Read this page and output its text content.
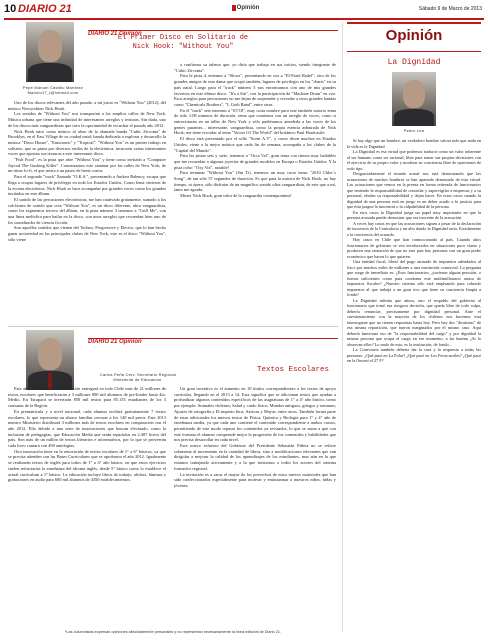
10 DIARIO 21	Opinión	Sábado 9 de Marzo de 2013
DIARIO 21 Opinión
Pepe Manuel Castillo Martínez
Manolo17_l@hotmail.com
El Primer Disco en Solitario de Nick Hook: "Without You"

Uno de los discos relevantes del año pasado, a mi juicio es "Without You" (2012), del músico Newyorkino Nick Hook.

Los sonidos de "Without You" nos transportan a los amplios callos de New York. Música urbana que tiene una infinidad de interesantes arreglos y texturas. Sin duda, uno de los discos más vanguardistas que tuvo la oportunidad de escuchar el pasado año 2012.

Nick Hook nace como músico al alero de la afamada banda "Cubic Zirconia" de Brooklyn, en el East Village de su ciudad natal; banda dedicada a explorar y desarrollo la música "Disco House", "Emotronic" y "Tropical". "Without You" es un primer trabajo en solitario, que se pasea por diversos estilos de la electrónica, incursión varias interesantes voces que aportan sus texturas a este interesante disco.

"Fish Food", es la pista que abre "Without You" y tiene como invitado a "Computer Jaycod The Gushing Killer". Comenzamos este caminar por las calles de New York, de un ritmo lo-fi, el que invita a un paseo de beats cortos.

Para el segundo "track" llamado "O.K.S.", presentando a Andrea Balency, escapa que llega a ocupar lugares de privilegio en todo los Estados Unidos. Como lema vinieron de la escena electrónica, Nick Hook se hace acompañar por grandes voces como los grandes invitados en este álbum.

El sonido de las percusiones electrónicas, me han cautivado gratamente, sumado a los colchones de sonido que crea "Without You", es un disco diferente, ultra vanguardista, como los segmentos tercero del álbum, en la pista número 3 tenemos a "Grill Me", con una linea melódica para bailar en la disco, con unos arreglos que recuerdan bien uno de los soundtracks de ciencia ficción.

Son aquellos sonidos que vienen del Techno, Progressive y Electro, que lo han hecho ganar notoriedad en los principales clubes de New York, este es el disco "Without You", sólo viene

a confirmar su talento que, yo diría que trabaja en sus inicios, siendo integrante de "Cubic Zirconia".

Para la pista 4, tenemos a "Slows", presentando en voz a "El-Farid Rodel", otro de los grandes amigos de esta dama que ocupó también, lugares de privilegio en los "charts" en su país natal. Luego para el "track" número 5 nos encontramos con uno de mis grandes favoritos en este último disco: "It's a Sin", con la participación de "Machine Drum" en voz. Esos arreglos para percusiones no me dejan de sorprender y recordar a otros grandes bandas como "Chemicals Brothers", "L Goth Band", entre otras.

En el "track" seis tenemos a "67/18", muy corta nombre para este también notorio tema de sólo 1:08 minutos de duración, tema que comienza con un arreglo de voces, como si entrevistaran en un taller de New York y sólo pudiéramos atenderla a las voces de los gentes pasantes... interesante, vanguardista, como la propia esencia admirada de Nick Hook; me tiene recordar al tema "Voices Of The World" del británico Paul Hardcastle.

El disco está presentado por el sello "Scent A.V", y como dicen muchos en Estados Unidos, viene a la mejor música que cada fin de semana, acompaña a los clubes de la "Capital del Mundo".

Para las pistas seis y siete, tenemos a "Orca Val", gran tema con ritmos muy bailables que me recuerdan a algunas joyerías de grandes modelos en Europa o Estados Unidos. Y la pista ocho: "Oxy Vol", notable!

Para terminar "Without You" (Sin Ti), tenemos un muy corto tema: "2010 Chlor´s Song", de tan sólo 57 segundos de duración. Es que para la música de Nick Hook, no hay tiempo, ni ópera, sólo disfrutar de un magnífico sonido ultra vanguardista, de este que a mí, tanto me agrada.

Mister Nick Hook, gran valor de la vanguardia contemporánea!

DIARIO 21 Opinión
Carlos Peña Cerv. Secretario Regional
Ministerial de Educación.
Textos Escolares

Este año, el Ministerio de Educación entregará en todo Chile más de 21 millones de textos escolares que beneficiarán a 3 millones 890 mil alumnos de pre-kinder hasta 4to. Medio. En Tarapacá se invertirán 850 mil textos para 85.153 estudiantes de los 3 comunas de la Región.

En prematricula y a nivel nacional, cada alumno recibirá gratuitamente 7 textos escolares, lo que representa un ahorro familiar cercano a los 140 mil pesos. Este 2013 nuestro Ministerio distribuirá 3 millones más de textos escolares en comparación con el año 2012. Ello debido a una serie de innovaciones que buscan efectuado, como la inclusión de pedagogías, que Educación Media que serán repartidos en 2.487 liceos del país. Son más de un millón de textos literarios e informativos, por lo que se proveerán cada liceo contará con 490 antologías.

Otra innovación tiene en la renovación de textos escolares de 1° a 6° básicos, ya que se precisa atienden con las Bases Curriculares que se aprobaron el año 2012. Igualmente se realizarán textos de inglés para todos de 1° a 4° año básico, en que estos ejercicios suelen refractarías la enseñanza del idioma inglés, desde 5° básico como lo establece el actual currículum a 1° básico. La educación incluye libros de trabajo, afiches, láminas y grabaciones en audio para 600 mil alumnos de 4350 establecimientos.

Un gran incentivo es el aumento en 10 títulos correspondientes a los textos de apoyo curricular, llegando en el 2013 a 14. Esta significa que se adicionan textos que ayudan a profundizar algunos contenidos específicos de las asignaturas de 1° a 4° año básico, como por ejemplo: Animales chilenos; Salud y cuido físico; Mundos antiguos, griegos y romanos; Ajustes de ortografía y El imperio Inca, Aztecas y Mayas, entre otros. También forma parte de estas adicionales los nuevos textos de Física, Química y Biología para 1° y 4° año de enseñanza media, ya que cada uno contiene el contenido correspondiente a ambos cursos, permitiendo de este modo repasar los contenidos ya revisados, lo que se suma a que con este formato el alumno comprende mejor la progresión de los contenidos y habilidades que nos precisa desarrollar en cada nivel.

Este nuevo esfuerzo del Gobierno del Presidente Sebastián Piñera no se refiere solamente al incremento en la cantidad de libros, sino a modificaciones relevantes que van dirigidas a mejorar la calidad de los aprendizajes de los estudiantes, mas aún en la que estamos trabajando activamente y a la que invitamos a todos los actores del sistema formativo regional.

La invitación es a sacar el mayor de los provechos de estos nuevos materiales que han sido confeccionados especialmente para motivar y entusiasmar a nuestros niños, niñas y jóvenes.

*Las columnistas expresan opiniones absolutamente personales y no representan necesariamente la línea editorial de Diario 21.
Opinión
La Dignidad
Pedro Lira

Si hay algo que un hombre, un verdadero hombre valora más que nada en la vida es la Dignidad.

La Dignidad es esa virtud que podemos traducir como un valor inherente al ser humano como ser racional, libre para tomar sus propias decisiones con el ejercicio de su propio valor y moderar su conciencia libre de opresiones de todo tipo.

Desgraciadamente el mundo actual nos está demostrando que las actuaciones de muchos hombres se han apartado demasiado de esta virtud. Las actuaciones que vemos en la prensa en forma reiterada de funcionarios que teniendo la responsabilidad de controlar y supervigilar a empresas y a su personal, eluden su responsabilidad y dejan hacer. En estos casos cuando la dignidad de una persona está en juego es un deber acudir a la justicia para que ésta juzgue la inocencia o la culpabilidad de la persona.

En esos casos la Dignidad juega un papel muy importante en que la persona acusada puede demostrar que era inocente de la acusación.

A veces hay casos en que las acusaciones siguen a pesar de la declaración de inocencia de la Contraloría y un alto dando la Dignidad sería. Erradamente a la conciencia del acusado.

Hay casos en Chile que han conmocionado al país. Cuando altos funcionarios de gobierno se ven involucrados en situaciones poco claras y producen una sensación de que no este país hay personas con un gran poder económico que hacen lo que quieren.

Una entidad fiscal, liberó del pago atrasado de impuestos adeudados al fisco por muchos miles de millones a una institución comercial. La pregunta que surge de inmediato es: ¿Esos funcionarios, ¿tuvieron alguna pressión, o fueron suficientes como para condonar este multimillonario atraso de impuestos fiscales? ¿Nuestro sistema sólo está empleando para cobrarle impuestos al que trabaja a un gran rico que tiene su conciencia limpia a fondo?

La Dignidad infinita que ahora, raro el respaldo del gobierno al funcionario que tomó esa riesgosa decisión, que queda libre de todo culpa, debería renunciar, precisamente por dignidad personal. Ante el cuestionamiento con la mayoría de los chilenos nos hacemos esta interrogante que no tienen respuestas hasta hoy. Pero hay dos "dirutistas" de esa misma repartición, que fueron marginados por el mismo caso. Aquí debería funcionar eso de "la responsabilidad del cargo" y por dignidad la misma persona que ocupa el cargo en ese momento, a las buenas ¿Si lo observan ellos? Lo malo de esto, es la institución, de fondo...

La Conectoría también debería dar la cara y la respuesta a todas las personas: ¿Qué pasó en La Polar? ¿Qué pasó en Los Ferrocarriles? ¿Qué pasó en la Oncení el 27 F?
